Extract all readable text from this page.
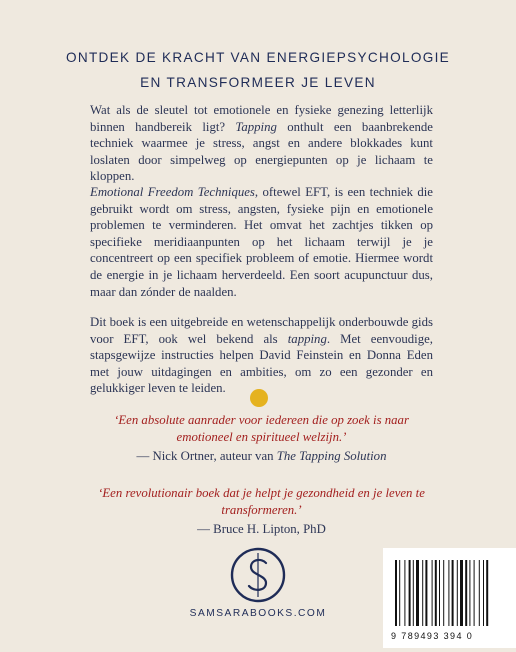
ONTDEK DE KRACHT VAN ENERGIEPSYCHOLOGIE
EN TRANSFORMEER JE LEVEN
Wat als de sleutel tot emotionele en fysieke genezing letterlijk binnen handbereik ligt? Tapping onthult een baanbrekende techniek waarmee je stress, angst en andere blokkades kunt loslaten door simpelweg op energiepunten op je lichaam te kloppen.
Emotional Freedom Techniques, oftewel EFT, is een techniek die gebruikt wordt om stress, angsten, fysieke pijn en emotionele problemen te verminderen. Het omvat het zachtjes tikken op specifieke meridiaanpunten op het lichaam terwijl je je concentreert op een specifiek probleem of emotie. Hiermee wordt de energie in je lichaam herverdeeld. Een soort acupunctuur dus, maar dan zónder de naalden.
Dit boek is een uitgebreide en wetenschappelijk onderbouwde gids voor EFT, ook wel bekend als tapping. Met eenvoudige, stapsgewijze instructies helpen David Feinstein en Donna Eden met jouw uitdagingen en ambities, om zo een gezonder en gelukkiger leven te leiden.
‘Een absolute aanrader voor iedereen die op zoek is naar emotioneel en spiritueel welzijn.’
— Nick Ortner, auteur van The Tapping Solution
‘Een revolutionair boek dat je helpt je gezondheid en je leven te transformeren.’
— Bruce H. Lipton, PhD
SAMSARABOOKS.COM
9 789493 394 0
